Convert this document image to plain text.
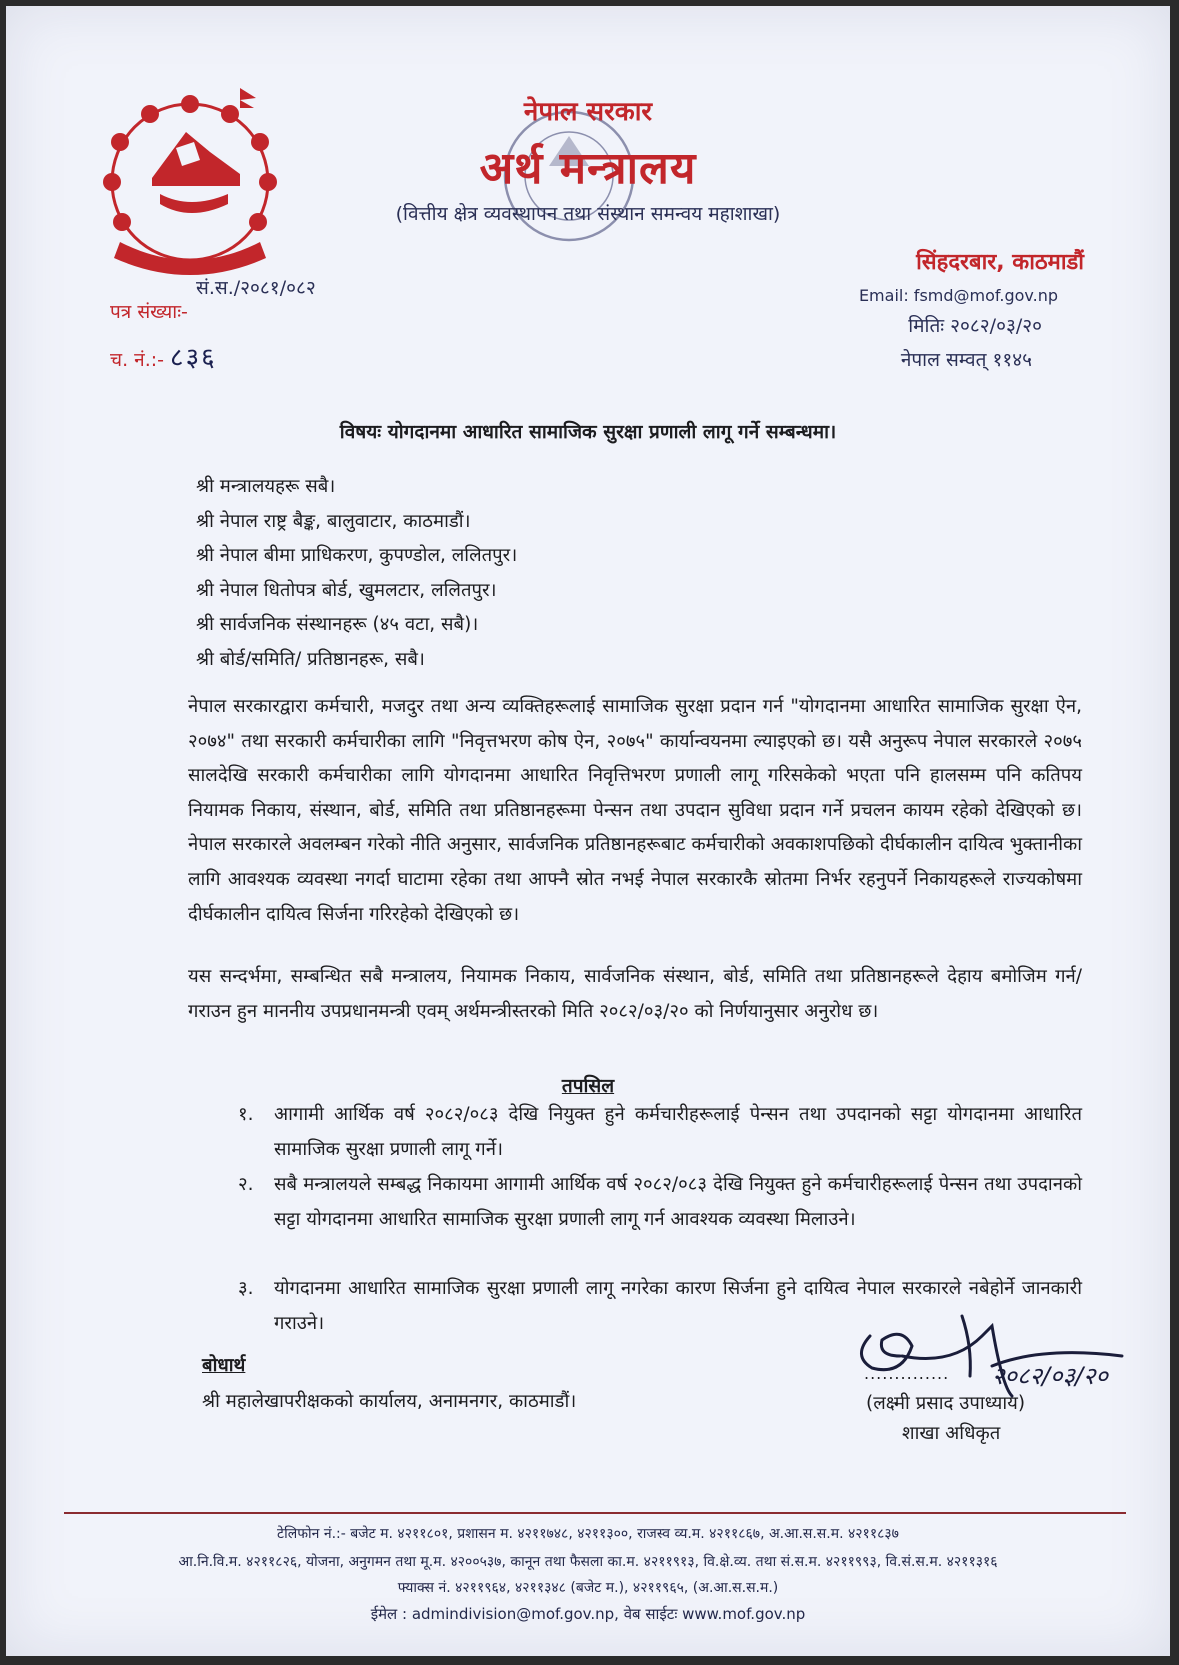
नेपाल सरकार
अर्थ मन्त्रालय
(वित्तीय क्षेत्र व्यवस्थापन तथा संस्थान समन्वय महाशाखा)
सिंहदरबार, काठमाडौं
Email: fsmd@mof.gov.np
मितिः २०८२/०३/२०
नेपाल सम्वत् ११४५
सं.स./२०८१/०८२
पत्र संख्याः-
च. नं.:- ८३६
विषयः योगदानमा आधारित सामाजिक सुरक्षा प्रणाली लागू गर्ने सम्बन्धमा।
श्री मन्त्रालयहरू सबै।
श्री नेपाल राष्ट्र बैङ्क, बालुवाटार, काठमाडौं।
श्री नेपाल बीमा प्राधिकरण, कुपण्डोल, ललितपुर।
श्री नेपाल धितोपत्र बोर्ड, खुमलटार, ललितपुर।
श्री सार्वजनिक संस्थानहरू (४५ वटा, सबै)।
श्री बोर्ड/समिति/ प्रतिष्ठानहरू, सबै।
नेपाल सरकारद्वारा कर्मचारी, मजदुर तथा अन्य व्यक्तिहरूलाई सामाजिक सुरक्षा प्रदान गर्न "योगदानमा आधारित सामाजिक सुरक्षा ऐन, २०७४" तथा सरकारी कर्मचारीका लागि "निवृत्तभरण कोष ऐन, २०७५" कार्यान्वयनमा ल्याइएको छ। यसै अनुरूप नेपाल सरकारले २०७५ सालदेखि सरकारी कर्मचारीका लागि योगदानमा आधारित निवृत्तिभरण प्रणाली लागू गरिसकेको भएता पनि हालसम्म पनि कतिपय नियामक निकाय, संस्थान, बोर्ड, समिति तथा प्रतिष्ठानहरूमा पेन्सन तथा उपदान सुविधा प्रदान गर्ने प्रचलन कायम रहेको देखिएको छ। नेपाल सरकारले अवलम्बन गरेको नीति अनुसार, सार्वजनिक प्रतिष्ठानहरूबाट कर्मचारीको अवकाशपछिको दीर्घकालीन दायित्व भुक्तानीका लागि आवश्यक व्यवस्था नगर्दा घाटामा रहेका तथा आफ्नै स्रोत नभई नेपाल सरकारकै स्रोतमा निर्भर रहनुपर्ने निकायहरूले राज्यकोषमा दीर्घकालीन दायित्व सिर्जना गरिरहेको देखिएको छ।
यस सन्दर्भमा, सम्बन्धित सबै मन्त्रालय, नियामक निकाय, सार्वजनिक संस्थान, बोर्ड, समिति तथा प्रतिष्ठानहरूले देहाय बमोजिम गर्न/गराउन हुन माननीय उपप्रधानमन्त्री एवम् अर्थमन्त्रीस्तरको मिति २०८२/०३/२० को निर्णयानुसार अनुरोध छ।
तपसिल
१.	आगामी आर्थिक वर्ष २०८२/०८३ देखि नियुक्त हुने कर्मचारीहरूलाई पेन्सन तथा उपदानको सट्टा योगदानमा आधारित सामाजिक सुरक्षा प्रणाली लागू गर्ने।
२.	सबै मन्त्रालयले सम्बद्ध निकायमा आगामी आर्थिक वर्ष २०८२/०८३ देखि नियुक्त हुने कर्मचारीहरूलाई पेन्सन तथा उपदानको सट्टा योगदानमा आधारित सामाजिक सुरक्षा प्रणाली लागू गर्न आवश्यक व्यवस्था मिलाउने।
३.	योगदानमा आधारित सामाजिक सुरक्षा प्रणाली लागू नगरेका कारण सिर्जना हुने दायित्व नेपाल सरकारले नबेहोर्ने जानकारी गराउने।
बोधार्थ
श्री महालेखापरीक्षकको कार्यालय, अनामनगर, काठमाडौं।
२०८२/०३/२०
..............
(लक्ष्मी प्रसाद उपाध्याय)
शाखा अधिकृत
टेलिफोन नं.:- बजेट म. ४२११८०१, प्रशासन म. ४२११७४८, ४२११३००, राजस्व व्य.म. ४२११८६७, अ.आ.स.स.म. ४२११८३७
आ.नि.वि.म. ४२११८२६, योजना, अनुगमन तथा मू.म. ४२००५३७, कानून तथा फैसला का.म. ४२११९१३, वि.क्षे.व्य. तथा सं.स.म. ४२११९९३, वि.सं.स.म. ४२११३१६
फ्याक्स नं. ४२११९६४, ४२११३४८ (बजेट म.), ४२११९६५, (अ.आ.स.स.म.)
ईमेल : admindivision@mof.gov.np, वेब साईटः www.mof.gov.np
